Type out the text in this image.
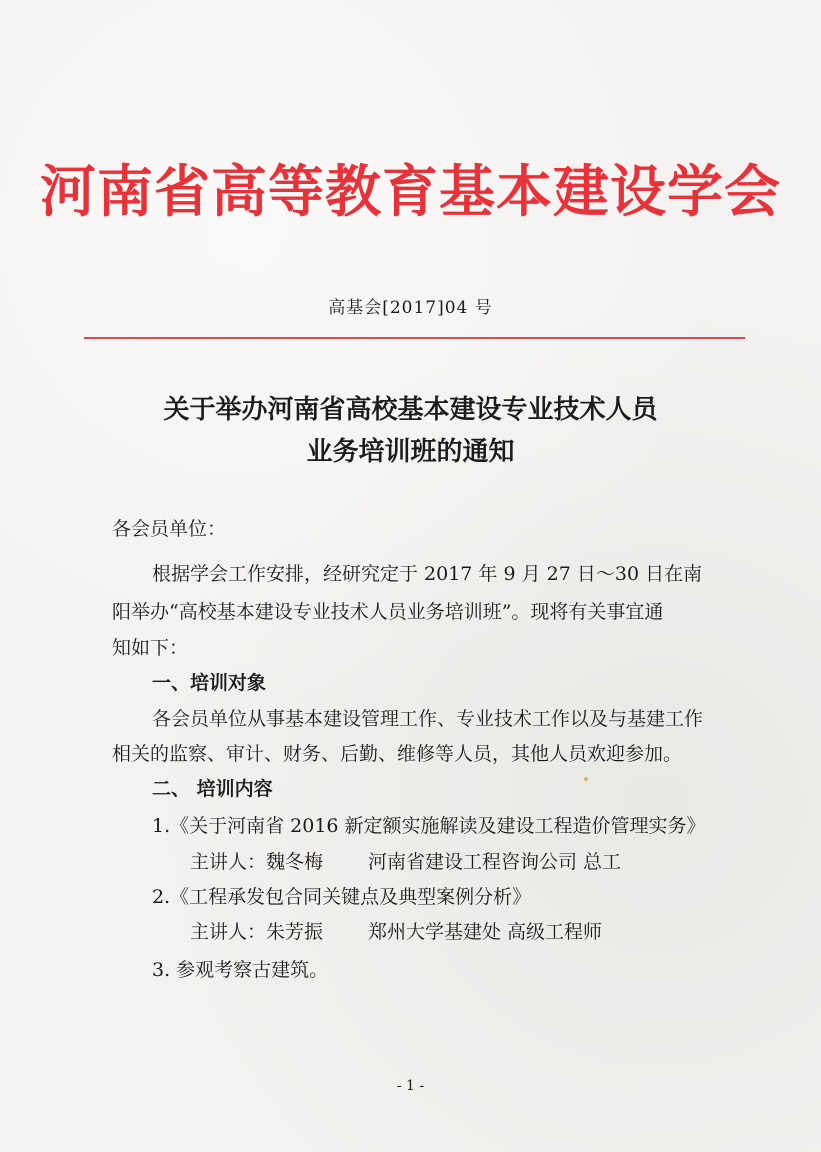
河南省高等教育基本建设学会
高基会[2017]04 号
关于举办河南省高校基本建设专业技术人员
业务培训班的通知
各会员单位：
根据学会工作安排，经研究定于 2017 年 9 月 27 日～30 日在南
阳举办“高校基本建设专业技术人员业务培训班”。现将有关事宜通
知如下：
一、培训对象
各会员单位从事基本建设管理工作、专业技术工作以及与基建工作
相关的监察、审计、财务、后勤、维修等人员，其他人员欢迎参加。
二、 培训内容
1.《关于河南省 2016 新定额实施解读及建设工程造价管理实务》
主讲人：魏冬梅 河南省建设工程咨询公司 总工
2.《工程承发包合同关键点及典型案例分析》
主讲人：朱芳振 郑州大学基建处 高级工程师
3. 参观考察古建筑。
- 1 -
